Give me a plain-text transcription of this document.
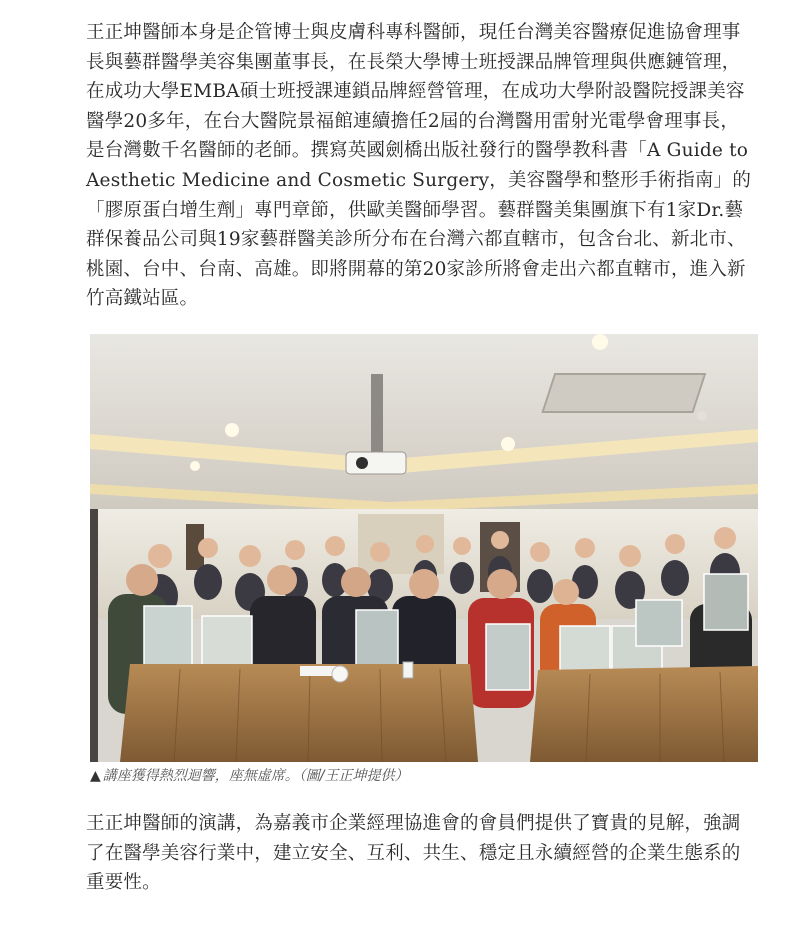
王正坤醫師本身是企管博士與皮膚科專科醫師，現任台灣美容醫療促進協會理事長與藝群醫學美容集團董事長，在長榮大學博士班授課品牌管理與供應鏈管理，在成功大學EMBA碩士班授課連鎖品牌經營管理，在成功大學附設醫院授課美容醫學20多年，在台大醫院景福館連續擔任2屆的台灣醫用雷射光電學會理事長，是台灣數千名醫師的老師。撰寫英國劍橋出版社發行的醫學教科書「A Guide to Aesthetic Medicine and Cosmetic Surgery，美容醫學和整形手術指南」的「膠原蛋白增生劑」專門章節，供歐美醫師學習。藝群醫美集團旗下有1家Dr.藝群保養品公司與19家藝群醫美診所分布在台灣六都直轄市，包含台北、新北市、桃園、台中、台南、高雄。即將開幕的第20家診所將會走出六都直轄市，進入新竹高鐵站區。

▲ 講座獲得熱烈迴響，座無虛席。（圖/王正坤提供）

王正坤醫師的演講，為嘉義市企業經理協進會的會員們提供了寶貴的見解，強調了在醫學美容行業中，建立安全、互利、共生、穩定且永續經營的企業生態系的重要性。
